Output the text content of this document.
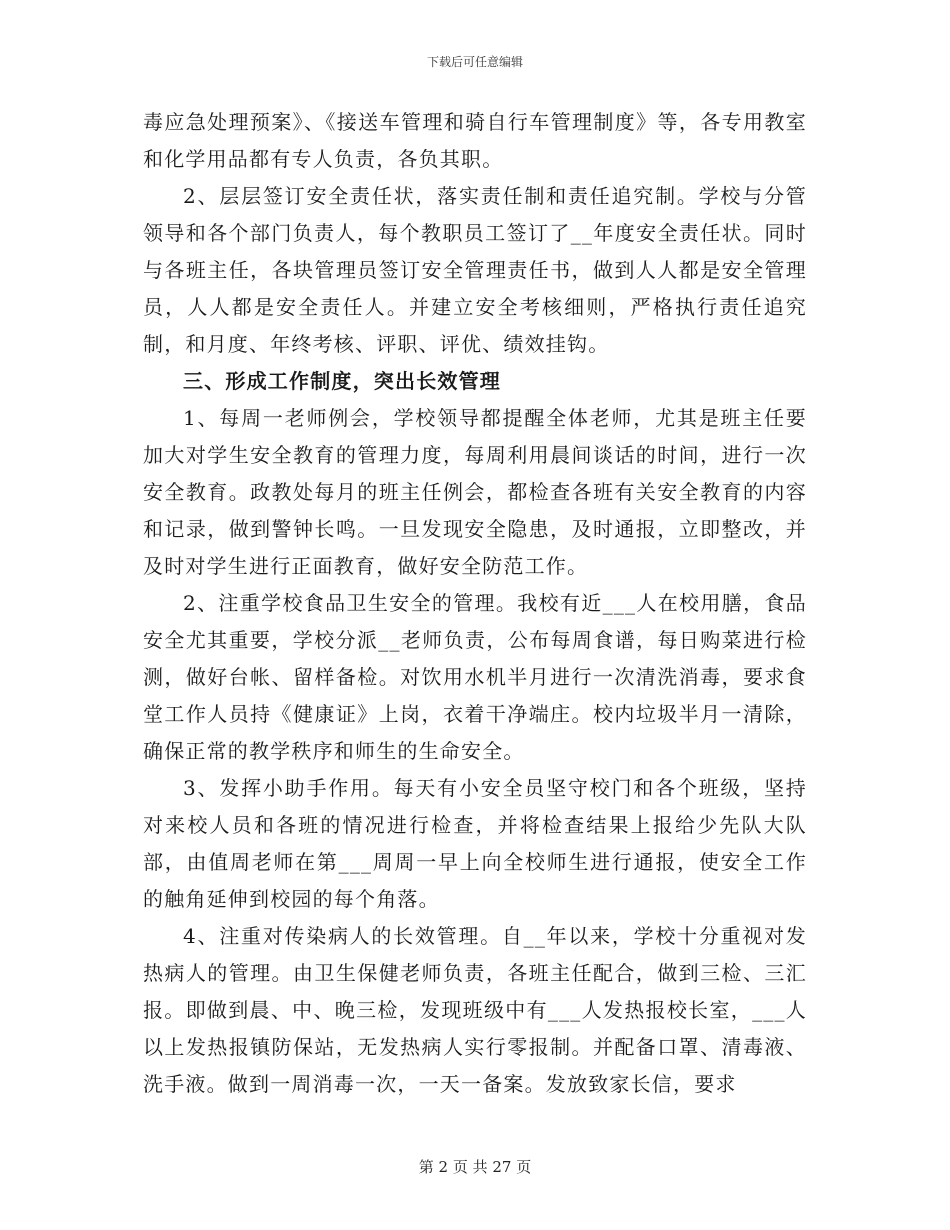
下载后可任意编辑

毒应急处理预案》、《接送车管理和骑自行车管理制度》等，各专用教室和化学用品都有专人负责，各负其职。

2、层层签订安全责任状，落实责任制和责任追究制。学校与分管领导和各个部门负责人，每个教职员工签订了__年度安全责任状。同时与各班主任，各块管理员签订安全管理责任书，做到人人都是安全管理员，人人都是安全责任人。并建立安全考核细则，严格执行责任追究制，和月度、年终考核、评职、评优、绩效挂钩。

三、形成工作制度，突出长效管理

1、每周一老师例会，学校领导都提醒全体老师，尤其是班主任要加大对学生安全教育的管理力度，每周利用晨间谈话的时间，进行一次安全教育。政教处每月的班主任例会，都检查各班有关安全教育的内容和记录，做到警钟长鸣。一旦发现安全隐患，及时通报，立即整改，并及时对学生进行正面教育，做好安全防范工作。

2、注重学校食品卫生安全的管理。我校有近___人在校用膳，食品安全尤其重要，学校分派__老师负责，公布每周食谱，每日购菜进行检测，做好台帐、留样备检。对饮用水机半月进行一次清洗消毒，要求食堂工作人员持《健康证》上岗，衣着干净端庄。校内垃圾半月一清除，确保正常的教学秩序和师生的生命安全。

3、发挥小助手作用。每天有小安全员坚守校门和各个班级，坚持对来校人员和各班的情况进行检查，并将检查结果上报给少先队大队部，由值周老师在第___周周一早上向全校师生进行通报，使安全工作的触角延伸到校园的每个角落。

4、注重对传染病人的长效管理。自__年以来，学校十分重视对发热病人的管理。由卫生保健老师负责，各班主任配合，做到三检、三汇报。即做到晨、中、晚三检，发现班级中有___人发热报校长室，___人以上发热报镇防保站，无发热病人实行零报制。并配备口罩、清毒液、洗手液。做到一周消毒一次，一天一备案。发放致家长信，要求

第 2 页 共 27 页
